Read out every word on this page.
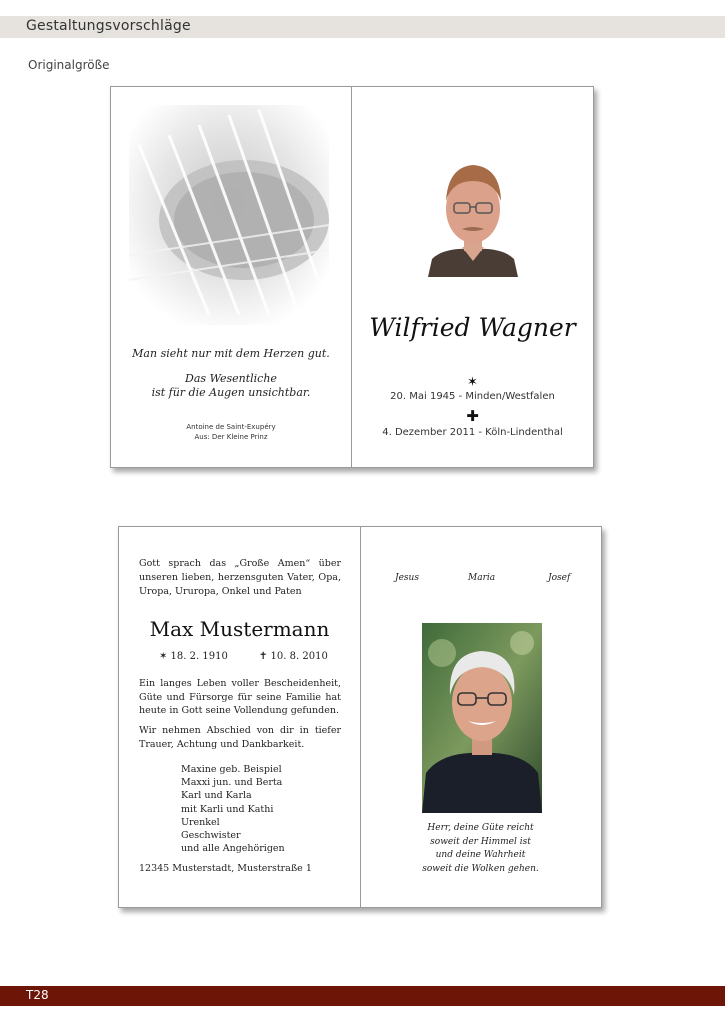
Gestaltungsvorschläge
Originalgröße
Man sieht nur mit dem Herzen gut.
Das Wesentliche
ist für die Augen unsichtbar.
Antoine de Saint-Exupéry
Aus: Der Kleine Prinz
Wilfried Wagner
✶
20. Mai 1945 - Minden/Westfalen
✚
4. Dezember 2011 - Köln-Lindenthal
Gott sprach das „Große Amen“ über unseren lieben, herzensguten Vater, Opa, Uropa, Ururopa, Onkel und Paten
Max Mustermann
✶ 18. 2. 1910	✝ 10. 8. 2010
Ein langes Leben voller Bescheidenheit, Güte und Fürsorge für seine Familie hat heute in Gott seine Vollendung gefunden.
Wir nehmen Abschied von dir in tiefer Trauer, Achtung und Dankbarkeit.
Maxine geb. Beispiel
Maxxi jun. und Berta
Karl und Karla
mit Karli und Kathi
Urenkel
Geschwister
und alle Angehörigen
12345 Musterstadt, Musterstraße 1
Jesus	Maria	Josef
Herr, deine Güte reicht
soweit der Himmel ist
und deine Wahrheit
soweit die Wolken gehen.
T28
